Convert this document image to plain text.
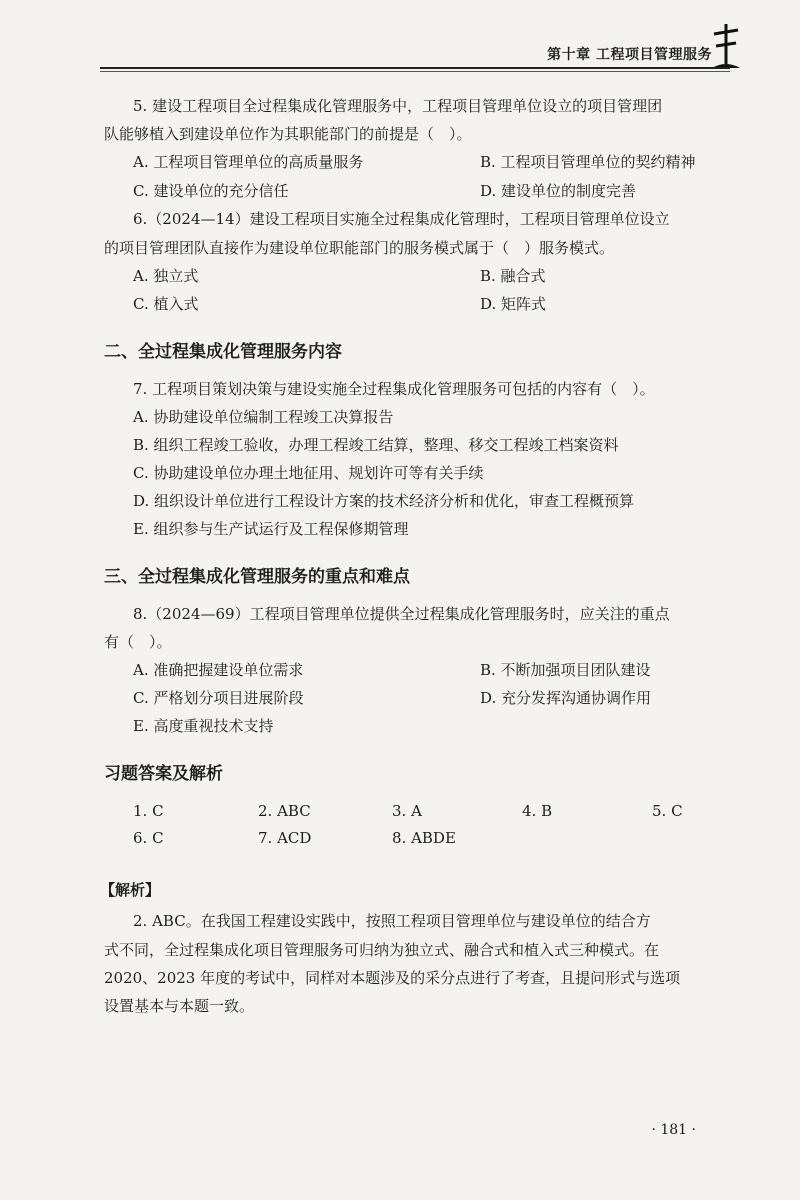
第十章 工程项目管理服务
5. 建设工程项目全过程集成化管理服务中，工程项目管理单位设立的项目管理团
队能够植入到建设单位作为其职能部门的前提是（　）。
A. 工程项目管理单位的高质量服务	B. 工程项目管理单位的契约精神
C. 建设单位的充分信任	D. 建设单位的制度完善
6.（2024—14）建设工程项目实施全过程集成化管理时，工程项目管理单位设立
的项目管理团队直接作为建设单位职能部门的服务模式属于（　）服务模式。
A. 独立式	B. 融合式
C. 植入式	D. 矩阵式
二、全过程集成化管理服务内容
7. 工程项目策划决策与建设实施全过程集成化管理服务可包括的内容有（　）。
A. 协助建设单位编制工程竣工决算报告
B. 组织工程竣工验收，办理工程竣工结算，整理、移交工程竣工档案资料
C. 协助建设单位办理土地征用、规划许可等有关手续
D. 组织设计单位进行工程设计方案的技术经济分析和优化，审查工程概预算
E. 组织参与生产试运行及工程保修期管理
三、全过程集成化管理服务的重点和难点
8.（2024—69）工程项目管理单位提供全过程集成化管理服务时，应关注的重点
有（　）。
A. 准确把握建设单位需求	B. 不断加强项目团队建设
C. 严格划分项目进展阶段	D. 充分发挥沟通协调作用
E. 高度重视技术支持
习题答案及解析
1. C	2. ABC	3. A	4. B	5. C
6. C	7. ACD	8. ABDE
【解析】
2. ABC。在我国工程建设实践中，按照工程项目管理单位与建设单位的结合方
式不同，全过程集成化项目管理服务可归纳为独立式、融合式和植入式三种模式。在
2020、2023 年度的考试中，同样对本题涉及的采分点进行了考查，且提问形式与选项
设置基本与本题一致。
· 181 ·
